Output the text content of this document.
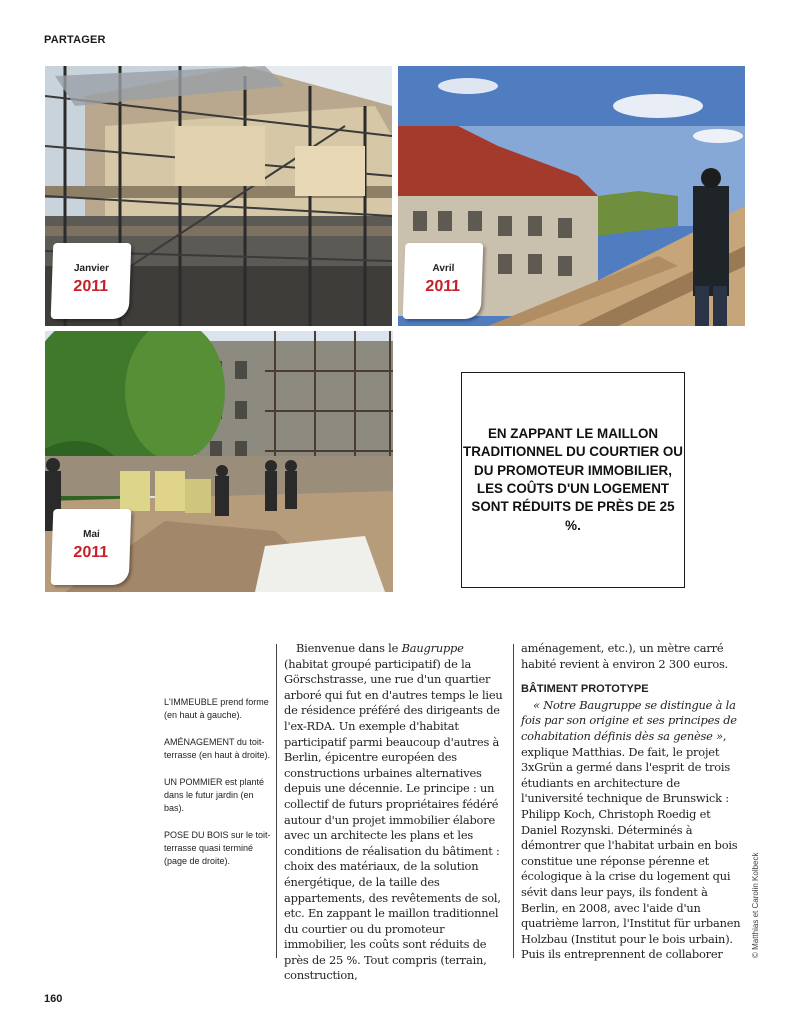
PARTAGER
Janvier
2011
Avril
2011
Mai
2011

EN ZAPPANT LE MAILLON TRADITIONNEL DU COURTIER OU DU PROMOTEUR IMMOBILIER, LES COÛTS D'UN LOGEMENT SONT RÉDUITS DE PRÈS DE 25 %.

L'IMMEUBLE prend forme (en haut à gauche).

AMÉNAGEMENT du toit-terrasse (en haut à droite).

UN POMMIER est planté dans le futur jardin (en bas).

POSE DU BOIS sur le toit-terrasse quasi terminé (page de droite).

Bienvenue dans le Baugruppe (habitat groupé participatif) de la Görschstrasse, une rue d'un quartier arboré qui fut en d'autres temps le lieu de résidence préféré des dirigeants de l'ex-RDA. Un exemple d'habitat participatif parmi beaucoup d'autres à Berlin, épicentre européen des constructions urbaines alternatives depuis une décennie. Le principe : un collectif de futurs propriétaires fédéré autour d'un projet immobilier élabore avec un architecte les plans et les conditions de réalisation du bâtiment : choix des matériaux, de la solution énergétique, de la taille des appartements, des revêtements de sol, etc. En zappant le maillon traditionnel du courtier ou du promoteur immobilier, les coûts sont réduits de près de 25 %. Tout compris (terrain, construction,

aménagement, etc.), un mètre carré habité revient à environ 2 300 euros.

BÂTIMENT PROTOTYPE

« Notre Baugruppe se distingue à la fois par son origine et ses principes de cohabitation définis dès sa genèse », explique Matthias. De fait, le projet 3xGrün a germé dans l'esprit de trois étudiants en architecture de l'université technique de Brunswick : Philipp Koch, Christoph Roedig et Daniel Rozynski. Déterminés à démontrer que l'habitat urbain en bois constitue une réponse pérenne et écologique à la crise du logement qui sévit dans leur pays, ils fondent à Berlin, en 2008, avec l'aide d'un quatrième larron, l'Institut für urbanen Holzbau (Institut pour le bois urbain). Puis ils entreprennent de collaborer	© Matthias et Carolin Kolbeck
160
